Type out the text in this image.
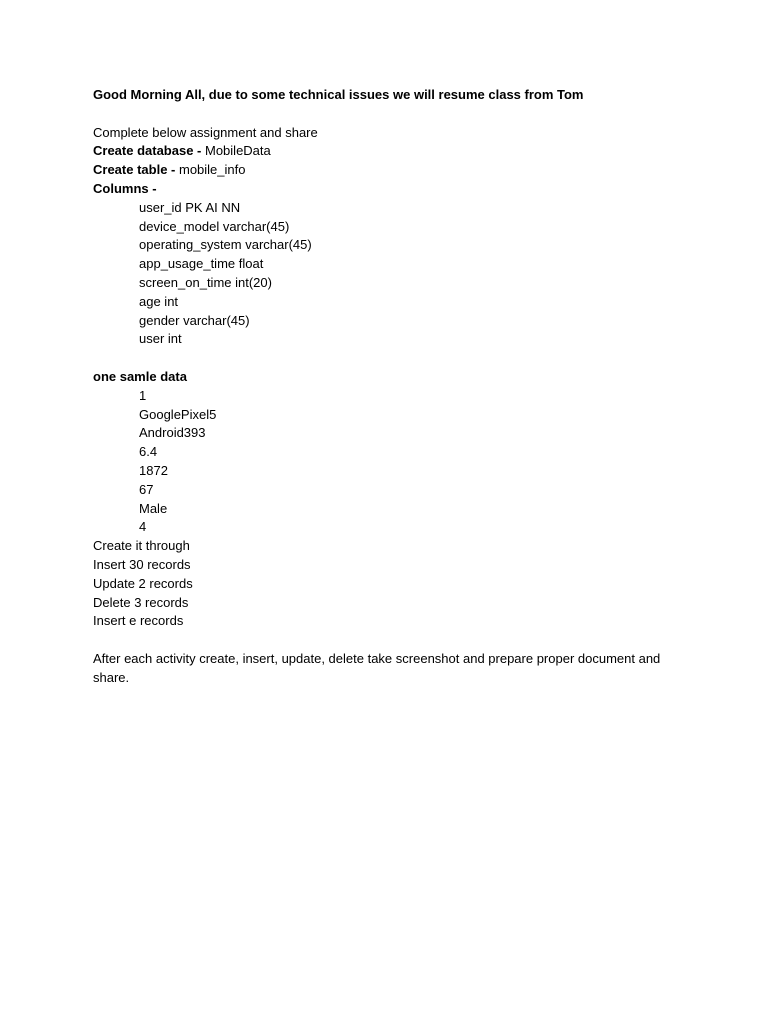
Good Morning All, due to some technical issues we will resume class from Tom
Complete below assignment and share
Create database - MobileData
Create table - mobile_info
Columns -
user_id PK AI NN
device_model varchar(45)
operating_system varchar(45)
app_usage_time float
screen_on_time int(20)
age int
gender varchar(45)
user int
one samle data
1
GooglePixel5
Android393
6.4
1872
67
Male
4
Create it through
Insert 30 records
Update 2 records
Delete 3 records
Insert e records
After each activity create, insert, update, delete take screenshot and prepare proper document and share.
